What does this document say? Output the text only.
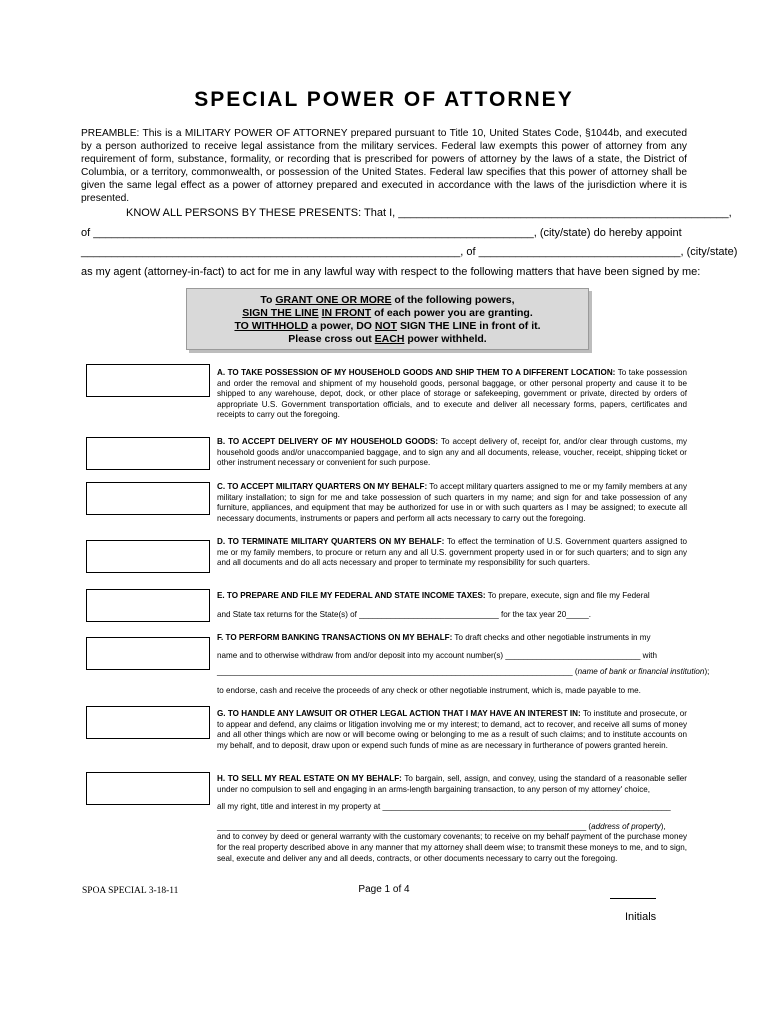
SPECIAL POWER OF ATTORNEY
PREAMBLE: This is a MILITARY POWER OF ATTORNEY prepared pursuant to Title 10, United States Code, §1044b, and executed by a person authorized to receive legal assistance from the military services. Federal law exempts this power of attorney from any requirement of form, substance, formality, or recording that is prescribed for powers of attorney by the laws of a state, the District of Columbia, or a territory, commonwealth, or possession of the United States. Federal law specifies that this power of attorney shall be given the same legal effect as a power of attorney prepared and executed in accordance with the laws of the jurisdiction where it is presented.
KNOW ALL PERSONS BY THESE PRESENTS: That I, ______________________________________________________,
of ________________________________________________________________________, (city/state) do hereby appoint
______________________________________________________________, of _________________________________, (city/state)
as my agent (attorney-in-fact) to act for me in any lawful way with respect to the following matters that have been signed by me:
To GRANT ONE OR MORE of the following powers,
SIGN THE LINE IN FRONT of each power you are granting.
TO WITHHOLD a power, DO NOT SIGN THE LINE in front of it.
Please cross out EACH power withheld.
A. TO TAKE POSSESSION OF MY HOUSEHOLD GOODS AND SHIP THEM TO A DIFFERENT LOCATION: To take possession and order the removal and shipment of my household goods, personal baggage, or other personal property and cause it to be shipped to any warehouse, depot, dock, or other place of storage or safekeeping, government or private, directed by orders of appropriate U.S. Government transportation officials, and to execute and deliver all necessary forms, papers, certificates and receipts to carry out the foregoing.
B. TO ACCEPT DELIVERY OF MY HOUSEHOLD GOODS: To accept delivery of, receipt for, and/or clear through customs, my household goods and/or unaccompanied baggage, and to sign any and all documents, release, voucher, receipt, shipping ticket or other instrument necessary or convenient for such purpose.
C. TO ACCEPT MILITARY QUARTERS ON MY BEHALF: To accept military quarters assigned to me or my family members at any military installation; to sign for me and take possession of such quarters in my name; and sign for and take possession of any furniture, appliances, and equipment that may be authorized for use in or with such quarters as I may be assigned; to execute all necessary documents, instruments or papers and perform all acts necessary to carry out the foregoing.
D. TO TERMINATE MILITARY QUARTERS ON MY BEHALF: To effect the termination of U.S. Government quarters assigned to me or my family members, to procure or return any and all U.S. government property used in or for such quarters; and to sign any and all documents and do all acts necessary and proper to terminate my responsibility for such quarters.
E. TO PREPARE AND FILE MY FEDERAL AND STATE INCOME TAXES: To prepare, execute, sign and file my Federal
and State tax returns for the State(s) of _______________________________ for the tax year 20_____.
F. TO PERFORM BANKING TRANSACTIONS ON MY BEHALF: To draft checks and other negotiable instruments in my
name and to otherwise withdraw from and/or deposit into my account number(s) ______________________________ with
_______________________________________________________________________________ (name of bank or financial institution);
to endorse, cash and receive the proceeds of any check or other negotiable instrument, which is, made payable to me.
G. TO HANDLE ANY LAWSUIT OR OTHER LEGAL ACTION THAT I MAY HAVE AN INTEREST IN: To institute and prosecute, or to appear and defend, any claims or litigation involving me or my interest; to demand, act to recover, and receive all sums of money and all other things which are now or will become owing or belonging to me as a result of such claims; and to institute accounts on my behalf, and to deposit, draw upon or expend such funds of mine as are necessary in furtherance of powers granted herein.
H. TO SELL MY REAL ESTATE ON MY BEHALF: To bargain, sell, assign, and convey, using the standard of a reasonable seller under no compulsion to sell and engaging in an arms-length bargaining transaction, to any person of my attorney' choice,
all my right, title and interest in my property at ________________________________________________________________
__________________________________________________________________________________ (address of property),
and to convey by deed or general warranty with the customary covenants; to receive on my behalf payment of the purchase money for the real property described above in any manner that my attorney shall deem wise; to transmit these moneys to me, and to sign, seal, execute and deliver any and all deeds, contracts, or other documents necessary to carry out the foregoing.
SPOA SPECIAL 3-18-11	Page 1 of 4
Initials
